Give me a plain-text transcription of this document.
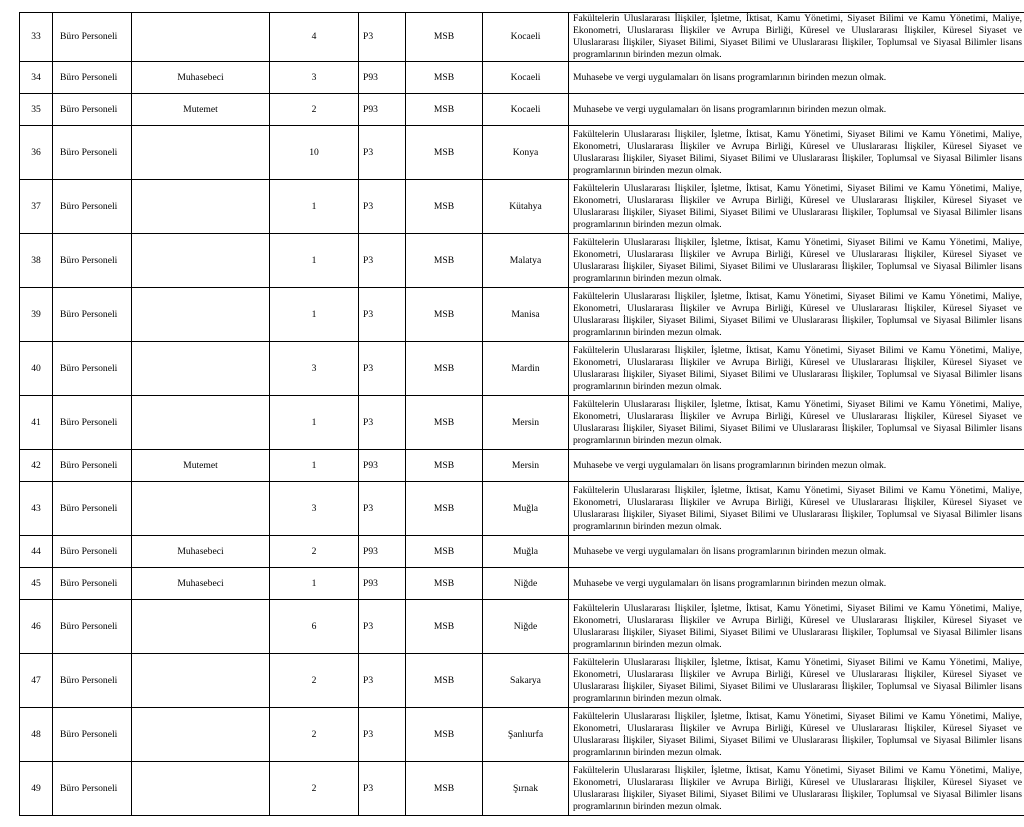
33	Büro Personeli		4	P3	MSB	Kocaeli	Fakültelerin Uluslararası İlişkiler, İşletme, İktisat, Kamu Yönetimi, Siyaset Bilimi ve Kamu Yönetimi, Maliye, Ekonometri, Uluslararası İlişkiler ve Avrupa Birliği, Küresel ve Uluslararası İlişkiler, Küresel Siyaset ve Uluslararası İlişkiler, Siyaset Bilimi, Siyaset Bilimi ve Uluslararası İlişkiler, Toplumsal ve Siyasal Bilimler lisans programlarının birinden mezun olmak.
34	Büro Personeli	Muhasebeci	3	P93	MSB	Kocaeli	Muhasebe ve vergi uygulamaları ön lisans programlarının birinden mezun olmak.
35	Büro Personeli	Mutemet	2	P93	MSB	Kocaeli	Muhasebe ve vergi uygulamaları ön lisans programlarının birinden mezun olmak.
36	Büro Personeli		10	P3	MSB	Konya	Fakültelerin Uluslararası İlişkiler, İşletme, İktisat, Kamu Yönetimi, Siyaset Bilimi ve Kamu Yönetimi, Maliye, Ekonometri, Uluslararası İlişkiler ve Avrupa Birliği, Küresel ve Uluslararası İlişkiler, Küresel Siyaset ve Uluslararası İlişkiler, Siyaset Bilimi, Siyaset Bilimi ve Uluslararası İlişkiler, Toplumsal ve Siyasal Bilimler lisans programlarının birinden mezun olmak.
37	Büro Personeli		1	P3	MSB	Kütahya	Fakültelerin Uluslararası İlişkiler, İşletme, İktisat, Kamu Yönetimi, Siyaset Bilimi ve Kamu Yönetimi, Maliye, Ekonometri, Uluslararası İlişkiler ve Avrupa Birliği, Küresel ve Uluslararası İlişkiler, Küresel Siyaset ve Uluslararası İlişkiler, Siyaset Bilimi, Siyaset Bilimi ve Uluslararası İlişkiler, Toplumsal ve Siyasal Bilimler lisans programlarının birinden mezun olmak.
38	Büro Personeli		1	P3	MSB	Malatya	Fakültelerin Uluslararası İlişkiler, İşletme, İktisat, Kamu Yönetimi, Siyaset Bilimi ve Kamu Yönetimi, Maliye, Ekonometri, Uluslararası İlişkiler ve Avrupa Birliği, Küresel ve Uluslararası İlişkiler, Küresel Siyaset ve Uluslararası İlişkiler, Siyaset Bilimi, Siyaset Bilimi ve Uluslararası İlişkiler, Toplumsal ve Siyasal Bilimler lisans programlarının birinden mezun olmak.
39	Büro Personeli		1	P3	MSB	Manisa	Fakültelerin Uluslararası İlişkiler, İşletme, İktisat, Kamu Yönetimi, Siyaset Bilimi ve Kamu Yönetimi, Maliye, Ekonometri, Uluslararası İlişkiler ve Avrupa Birliği, Küresel ve Uluslararası İlişkiler, Küresel Siyaset ve Uluslararası İlişkiler, Siyaset Bilimi, Siyaset Bilimi ve Uluslararası İlişkiler, Toplumsal ve Siyasal Bilimler lisans programlarının birinden mezun olmak.
40	Büro Personeli		3	P3	MSB	Mardin	Fakültelerin Uluslararası İlişkiler, İşletme, İktisat, Kamu Yönetimi, Siyaset Bilimi ve Kamu Yönetimi, Maliye, Ekonometri, Uluslararası İlişkiler ve Avrupa Birliği, Küresel ve Uluslararası İlişkiler, Küresel Siyaset ve Uluslararası İlişkiler, Siyaset Bilimi, Siyaset Bilimi ve Uluslararası İlişkiler, Toplumsal ve Siyasal Bilimler lisans programlarının birinden mezun olmak.
41	Büro Personeli		1	P3	MSB	Mersin	Fakültelerin Uluslararası İlişkiler, İşletme, İktisat, Kamu Yönetimi, Siyaset Bilimi ve Kamu Yönetimi, Maliye, Ekonometri, Uluslararası İlişkiler ve Avrupa Birliği, Küresel ve Uluslararası İlişkiler, Küresel Siyaset ve Uluslararası İlişkiler, Siyaset Bilimi, Siyaset Bilimi ve Uluslararası İlişkiler, Toplumsal ve Siyasal Bilimler lisans programlarının birinden mezun olmak.
42	Büro Personeli	Mutemet	1	P93	MSB	Mersin	Muhasebe ve vergi uygulamaları ön lisans programlarının birinden mezun olmak.
43	Büro Personeli		3	P3	MSB	Muğla	Fakültelerin Uluslararası İlişkiler, İşletme, İktisat, Kamu Yönetimi, Siyaset Bilimi ve Kamu Yönetimi, Maliye, Ekonometri, Uluslararası İlişkiler ve Avrupa Birliği, Küresel ve Uluslararası İlişkiler, Küresel Siyaset ve Uluslararası İlişkiler, Siyaset Bilimi, Siyaset Bilimi ve Uluslararası İlişkiler, Toplumsal ve Siyasal Bilimler lisans programlarının birinden mezun olmak.
44	Büro Personeli	Muhasebeci	2	P93	MSB	Muğla	Muhasebe ve vergi uygulamaları ön lisans programlarının birinden mezun olmak.
45	Büro Personeli	Muhasebeci	1	P93	MSB	Niğde	Muhasebe ve vergi uygulamaları ön lisans programlarının birinden mezun olmak.
46	Büro Personeli		6	P3	MSB	Niğde	Fakültelerin Uluslararası İlişkiler, İşletme, İktisat, Kamu Yönetimi, Siyaset Bilimi ve Kamu Yönetimi, Maliye, Ekonometri, Uluslararası İlişkiler ve Avrupa Birliği, Küresel ve Uluslararası İlişkiler, Küresel Siyaset ve Uluslararası İlişkiler, Siyaset Bilimi, Siyaset Bilimi ve Uluslararası İlişkiler, Toplumsal ve Siyasal Bilimler lisans programlarının birinden mezun olmak.
47	Büro Personeli		2	P3	MSB	Sakarya	Fakültelerin Uluslararası İlişkiler, İşletme, İktisat, Kamu Yönetimi, Siyaset Bilimi ve Kamu Yönetimi, Maliye, Ekonometri, Uluslararası İlişkiler ve Avrupa Birliği, Küresel ve Uluslararası İlişkiler, Küresel Siyaset ve Uluslararası İlişkiler, Siyaset Bilimi, Siyaset Bilimi ve Uluslararası İlişkiler, Toplumsal ve Siyasal Bilimler lisans programlarının birinden mezun olmak.
48	Büro Personeli		2	P3	MSB	Şanlıurfa	Fakültelerin Uluslararası İlişkiler, İşletme, İktisat, Kamu Yönetimi, Siyaset Bilimi ve Kamu Yönetimi, Maliye, Ekonometri, Uluslararası İlişkiler ve Avrupa Birliği, Küresel ve Uluslararası İlişkiler, Küresel Siyaset ve Uluslararası İlişkiler, Siyaset Bilimi, Siyaset Bilimi ve Uluslararası İlişkiler, Toplumsal ve Siyasal Bilimler lisans programlarının birinden mezun olmak.
49	Büro Personeli		2	P3	MSB	Şırnak	Fakültelerin Uluslararası İlişkiler, İşletme, İktisat, Kamu Yönetimi, Siyaset Bilimi ve Kamu Yönetimi, Maliye, Ekonometri, Uluslararası İlişkiler ve Avrupa Birliği, Küresel ve Uluslararası İlişkiler, Küresel Siyaset ve Uluslararası İlişkiler, Siyaset Bilimi, Siyaset Bilimi ve Uluslararası İlişkiler, Toplumsal ve Siyasal Bilimler lisans programlarının birinden mezun olmak.
